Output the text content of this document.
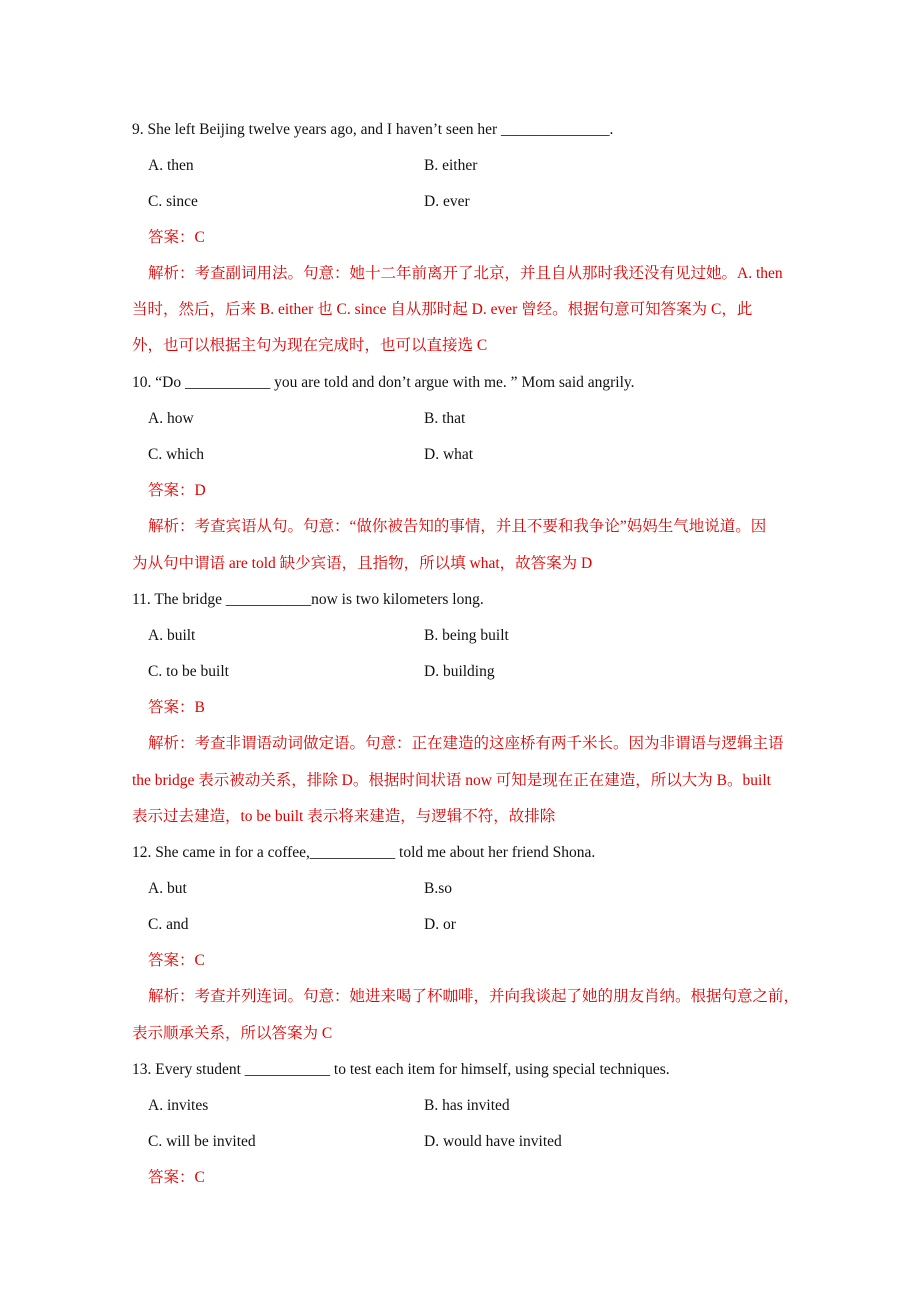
9. She left Beijing twelve years ago, and I haven’t seen her ______________.
A. then	B. either
C. since	D. ever
答案：C
解析：考查副词用法。句意：她十二年前离开了北京，并且自从那时我还没有见过她。A. then
当时，然后，后来 B. either 也 C. since 自从那时起 D. ever 曾经。根据句意可知答案为 C，此
外，也可以根据主句为现在完成时，也可以直接选 C
10. “Do ___________ you are told and don’t argue with me. ” Mom said angrily.
A. how	B. that
C. which	D. what
答案：D
解析：考查宾语从句。句意：“做你被告知的事情，并且不要和我争论”妈妈生气地说道。因
为从句中谓语 are told 缺少宾语，且指物，所以填 what，故答案为 D
11. The bridge ___________now is two kilometers long.
A. built	B. being built
C. to be built	D. building
答案：B
解析：考查非谓语动词做定语。句意：正在建造的这座桥有两千米长。因为非谓语与逻辑主语
the bridge 表示被动关系，排除 D。根据时间状语 now 可知是现在正在建造，所以大为 B。built
表示过去建造，to be built 表示将来建造，与逻辑不符，故排除
12. She came in for a coffee,___________ told me about her friend Shona.
A. but	B.so
C. and	D. or
答案：C
解析：考查并列连词。句意：她进来喝了杯咖啡，并向我谈起了她的朋友肖纳。根据句意之前，
表示顺承关系，所以答案为 C
13. Every student ___________ to test each item for himself, using special techniques.
A. invites	B. has invited
C. will be invited	D. would have invited
答案：C
